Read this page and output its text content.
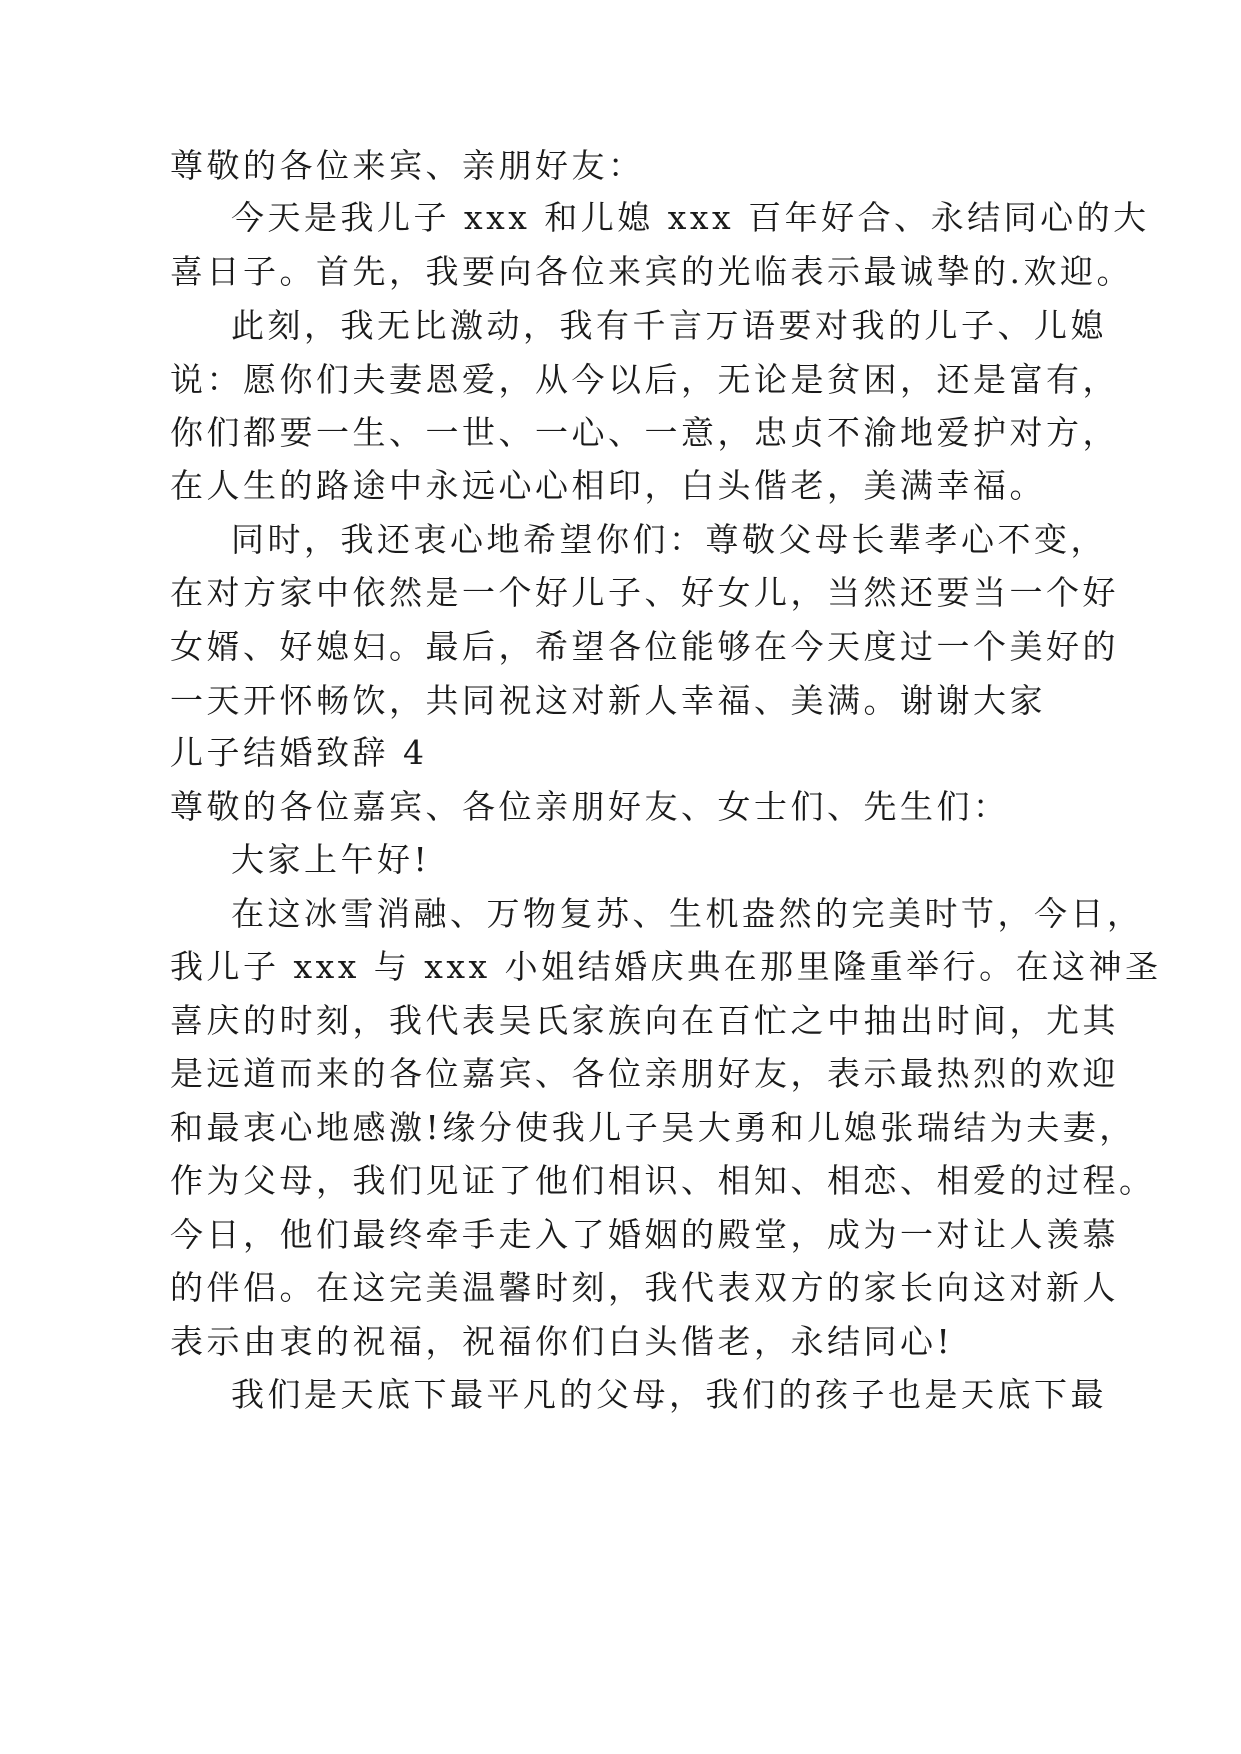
尊敬的各位来宾、亲朋好友：

今天是我儿子 xxx 和儿媳 xxx 百年好合、永结同心的大

喜日子。首先，我要向各位来宾的光临表示最诚挚的.欢迎。

此刻，我无比激动，我有千言万语要对我的儿子、儿媳

说：愿你们夫妻恩爱，从今以后，无论是贫困，还是富有，

你们都要一生、一世、一心、一意，忠贞不渝地爱护对方，

在人生的路途中永远心心相印，白头偕老，美满幸福。

同时，我还衷心地希望你们：尊敬父母长辈孝心不变，

在对方家中依然是一个好儿子、好女儿，当然还要当一个好

女婿、好媳妇。最后，希望各位能够在今天度过一个美好的

一天开怀畅饮，共同祝这对新人幸福、美满。谢谢大家

儿子结婚致辞 4

尊敬的各位嘉宾、各位亲朋好友、女士们、先生们：

大家上午好!

在这冰雪消融、万物复苏、生机盎然的完美时节，今日，

我儿子 xxx 与 xxx 小姐结婚庆典在那里隆重举行。在这神圣

喜庆的时刻，我代表吴氏家族向在百忙之中抽出时间，尤其

是远道而来的各位嘉宾、各位亲朋好友，表示最热烈的欢迎

和最衷心地感激!缘分使我儿子吴大勇和儿媳张瑞结为夫妻，

作为父母，我们见证了他们相识、相知、相恋、相爱的过程。

今日，他们最终牵手走入了婚姻的殿堂，成为一对让人羡慕

的伴侣。在这完美温馨时刻，我代表双方的家长向这对新人

表示由衷的祝福，祝福你们白头偕老，永结同心!

我们是天底下最平凡的父母，我们的孩子也是天底下最
